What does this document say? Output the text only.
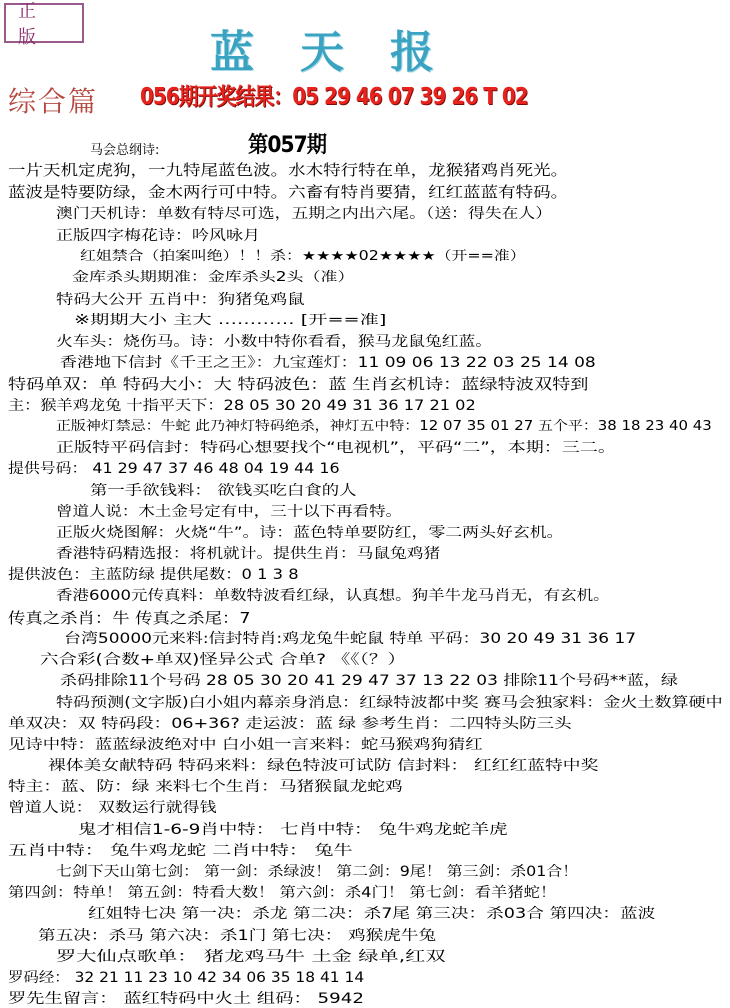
正 版	蓝天报
综合篇 056期开奖结果：05 29 46 07 39 26 T 02
马会总纲诗:	第057期
一片天机定虎狗，一九特尾蓝色波。水木特行特在单，龙猴猪鸡肖死光。
蓝波是特要防绿，金木两行可中特。六畜有特肖要猜，红红蓝蓝有特码。
澳门天机诗：单数有特尽可选，五期之内出六尾。（送：得失在人）
正版四字梅花诗：吟风咏月
红姐禁合（拍案叫绝）！！杀：★★★★02★★★★（开==准）
金库杀头期期准：金库杀头2头（准）
特码大公开 五肖中：狗猪兔鸡鼠
※期期大小 主大 ………… [开==准]
火车头：烧伤马。诗：小数中特你看看，猴马龙鼠兔红蓝。
香港地下信封《千王之王》：九宝莲灯：11 09 06 13 22 03 25 14 08
特码单双：单 特码大小：大 特码波色：蓝 生肖玄机诗：蓝绿特波双特到
主：猴羊鸡龙兔 十指平天下：28 05 30 20 49 31 36 17 21 02
正版神灯禁忌：牛蛇 此乃神灯特码绝杀，神灯五中特：12 07 35 01 27 五个平：38 18 23 40 43
正版特平码信封：特码心想要找个“电视机”，平码“二”，本期：三二。
提供号码： 41 29 47 37 46 48 04 19 44 16
第一手欲钱料： 欲钱买吃白食的人
曾道人说：木土金号定有中，三十以下再看特。
正版火烧图解：火烧“牛”。诗：蓝色特单要防红，零二两头好玄机。
香港特码精选报：将机就计。提供生肖：马鼠兔鸡猪
提供波色：主蓝防绿 提供尾数：0 1 3 8
香港6000元传真料：单数特波看红绿，认真想。狗羊牛龙马肖无，有玄机。
传真之杀肖：牛 传真之杀尾：7
台湾50000元来料:信封特肖:鸡龙兔牛蛇鼠 特单 平码：30 20 49 31 36 17
六合彩(合数+单双)怪异公式 合单? 《《（？）
杀码排除11个号码 28 05 30 20 41 29 47 37 13 22 03 排除11个号码**蓝，绿
特码预测(文字版)白小姐内幕亲身消息：红绿特波都中奖 赛马会独家料：金火土数算硬中
单双决：双 特码段：06+36? 走运波：蓝 绿 参考生肖：二四特头防三头
见诗中特：蓝蓝绿波绝对中 白小姐一言来料：蛇马猴鸡狗猜红
裸体美女献特码 特码来料：绿色特波可试防 信封料： 红红红蓝特中奖
特主：蓝、防：绿 来料七个生肖：马猪猴鼠龙蛇鸡
曾道人说： 双数运行就得钱
鬼才相信1-6-9肖中特： 七肖中特： 兔牛鸡龙蛇羊虎
五肖中特： 兔牛鸡龙蛇 二肖中特： 兔牛
七剑下天山第七剑： 第一剑：杀绿波！ 第二剑：9尾！ 第三剑：杀01合！
第四剑：特单！ 第五剑：特看大数！ 第六剑：杀4门！ 第七剑：看羊猪蛇！
红姐特七决 第一决：杀龙 第二决：杀7尾 第三决：杀03合 第四决：蓝波
第五决：杀马 第六决：杀1门 第七决： 鸡猴虎牛兔
罗大仙点歌单： 猪龙鸡马牛 土金 绿单,红双
罗码经： 32 21 11 23 10 42 34 06 35 18 41 14
罗先生留言： 蓝红特码中火土 组码： 5942
